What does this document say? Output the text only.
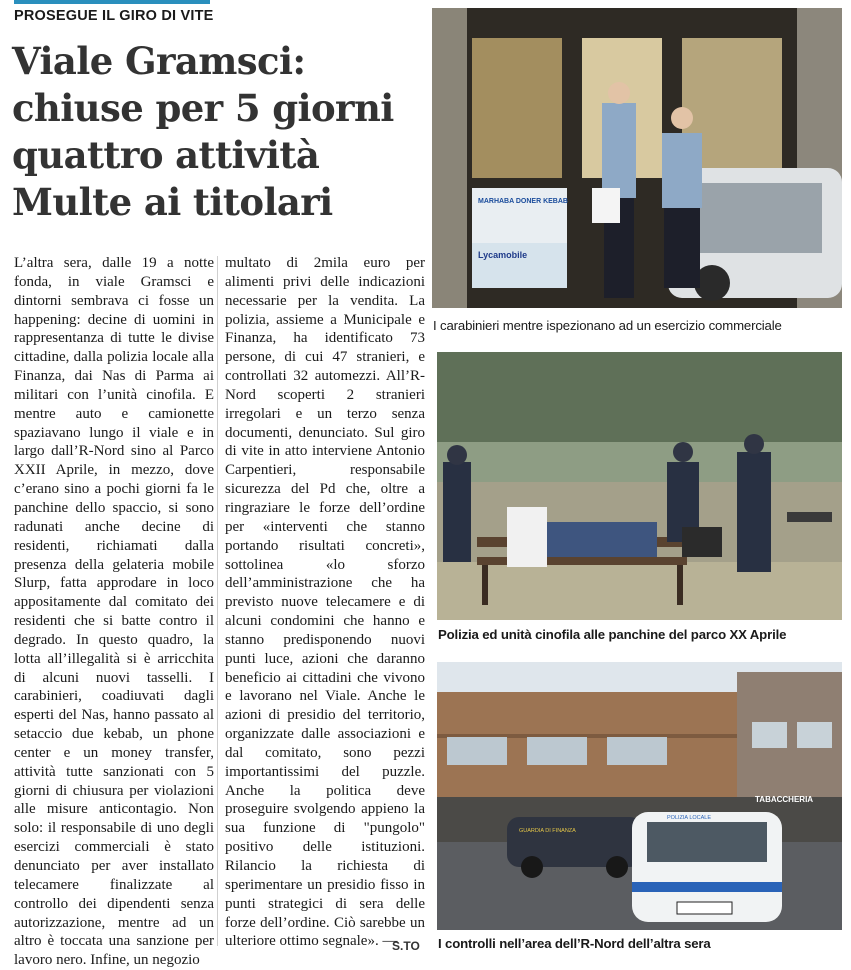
PROSEGUE IL GIRO DI VITE
Viale Gramsci:
chiuse per 5 giorni
quattro attività
Multe ai titolari

L’altra sera, dalle 19 a notte fonda, in viale Gramsci e dintorni sembrava ci fosse un happening: decine di uomini in rappresentanza di tutte le divise cittadine, dalla polizia locale alla Finanza, dai Nas di Parma ai militari con l’unità cinofila. E mentre auto e camionette spaziavano lungo il viale e in largo dall’R-Nord sino al Parco XXII Aprile, in mezzo, dove c’erano sino a pochi giorni fa le panchine dello spaccio, si sono radunati anche decine di residenti, richiamati dalla presenza della gelateria mobile Slurp, fatta approdare in loco appositamente dal comitato dei residenti che si batte contro il degrado. In questo quadro, la lotta all’illegalità si è arricchita di alcuni nuovi tasselli. I carabinieri, coadiuvati dagli esperti del Nas, hanno passato al setaccio due kebab, un phone center e un money transfer, attività tutte sanzionati con 5 giorni di chiusura per violazioni alle misure anticontagio. Non solo: il responsabile di uno degli esercizi commerciali è stato denunciato per aver installato telecamere finalizzate al controllo dei dipendenti senza autorizzazione, mentre ad un altro è toccata una sanzione per lavoro nero. Infine, un negozio

multato di 2mila euro per alimenti privi delle indicazioni necessarie per la vendita. La polizia, assieme a Municipale e Finanza, ha identificato 73 persone, di cui 47 stranieri, e controllati 32 automezzi. All’R-Nord scoperti 2 stranieri irregolari e un terzo senza documenti, denunciato. Sul giro di vite in atto interviene Antonio Carpentieri, responsabile sicurezza del Pd che, oltre a ringraziare le forze dell’ordine per «interventi che stanno portando risultati concreti», sottolinea «lo sforzo dell’amministrazione che ha previsto nuove telecamere e di alcuni condomini che hanno e stanno predisponendo nuovi punti luce, azioni che daranno beneficio ai cittadini che vivono e lavorano nel Viale. Anche le azioni di presidio del territorio, organizzate dalle associazioni e dal comitato, sono pezzi importantissimi del puzzle. Anche la politica deve proseguire svolgendo appieno la sua funzione di "pungolo" positivo delle istituzioni. Rilancio la richiesta di sperimentare un presidio fisso in punti strategici di sera delle forze dell’ordine. Ciò sarebbe un ulteriore ottimo segnale». —

S.TO
MARHABA DONER KEBAB
Lycamobile
I carabinieri mentre ispezionano ad un esercizio commerciale
Polizia ed unità cinofila alle panchine del parco XX Aprile
GUARDIA DI FINANZA
POLIZIA LOCALE
TABACCHERIA
I controlli nell’area dell’R-Nord dell’altra sera
